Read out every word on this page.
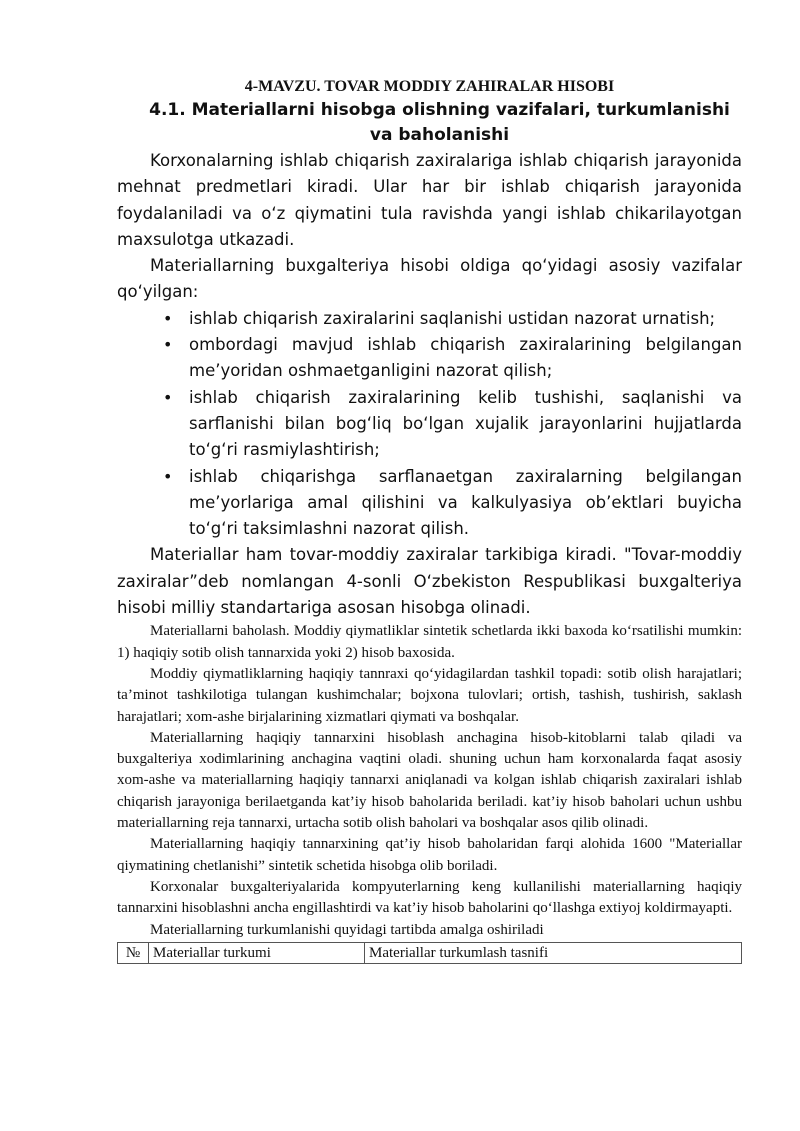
4-MAVZU. TOVAR MODDIY ZAHIRALAR HISOBI
4.1. Materiallarni hisobga olishning vazifalari, turkumlanishi va baholanishi

Korxonalarning ishlab chiqarish zaxiralariga ishlab chiqarish jarayonida mehnat predmetlari kiradi. Ular har bir ishlab chiqarish jarayonida foydalaniladi va o‘z qiymatini tula ravishda yangi ishlab chikarilayotgan maxsulotga utkazadi.

Materiallarning buxgalteriya hisobi oldiga qo‘yidagi asosiy vazifalar qo‘yilgan:

• ishlab chiqarish zaxiralarini saqlanishi ustidan nazorat urnatish;
• ombordagi mavjud ishlab chiqarish zaxiralarining belgilangan me’yoridan oshmaetganligini nazorat qilish;
• ishlab chiqarish zaxiralarining kelib tushishi, saqlanishi va sarflanishi bilan bog‘liq bo‘lgan xujalik jarayonlarini hujjatlarda to‘g‘ri rasmiylashtirish;
• ishlab chiqarishga sarflanaetgan zaxiralarning belgilangan me’yorlariga amal qilishini va kalkulyasiya ob’ektlari buyicha to‘g‘ri taksimlashni nazorat qilish.

Materiallar ham tovar-moddiy zaxiralar tarkibiga kiradi. "Tovar-moddiy zaxiralar”deb nomlangan 4-sonli O‘zbekiston Respublikasi buxgalteriya hisobi milliy standartariga asosan hisobga olinadi.

Materiallarni baholash. Moddiy qiymatliklar sintetik schetlarda ikki baxoda ko‘rsatilishi mumkin: 1) haqiqiy sotib olish tannarxida yoki 2) hisob baxosida.

Moddiy qiymatliklarning haqiqiy tannraxi qo‘yidagilardan tashkil topadi: sotib olish harajatlari; ta’minot tashkilotiga tulangan kushimchalar; bojxona tulovlari; ortish, tashish, tushirish, saklash harajatlari; xom-ashe birjalarining xizmatlari qiymati va boshqalar.

Materiallarning haqiqiy tannarxini hisoblash anchagina hisob-kitoblarni talab qiladi va buxgalteriya xodimlarining anchagina vaqtini oladi. shuning uchun ham korxonalarda faqat asosiy xom-ashe va materiallarning haqiqiy tannarxi aniqlanadi va kolgan ishlab chiqarish zaxiralari ishlab chiqarish jarayoniga berilaetganda kat’iy hisob baholarida beriladi. kat’iy hisob baholari uchun ushbu materiallarning reja tannarxi, urtacha sotib olish baholari va boshqalar asos qilib olinadi.

Materiallarning haqiqiy tannarxining qat’iy hisob baholaridan farqi alohida 1600 "Materiallar qiymatining chetlanishi” sintetik schetida hisobga olib boriladi.

Korxonalar buxgalteriyalarida kompyuterlarning keng kullanilishi materiallarning haqiqiy tannarxini hisoblashni ancha engillashtirdi va kat’iy hisob baholarini qo‘llashga extiyoj koldirmayapti.

Materiallarning turkumlanishi quyidagi tartibda amalga oshiriladi

№	Materiallar turkumi	Materiallar turkumlash tasnifi
